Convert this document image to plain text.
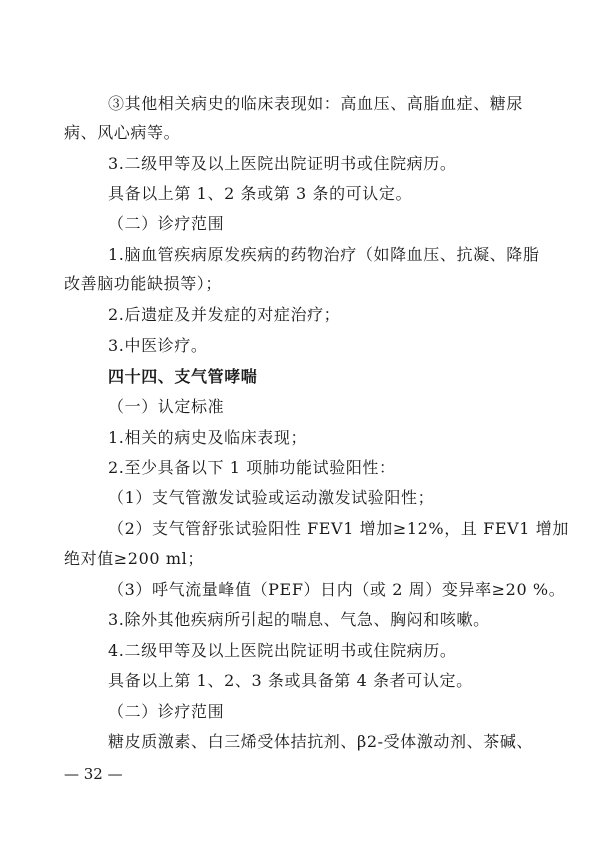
③其他相关病史的临床表现如：高血压、高脂血症、糖尿
病、风心病等。
3.二级甲等及以上医院出院证明书或住院病历。
具备以上第 1、2 条或第 3 条的可认定。
（二）诊疗范围
1.脑血管疾病原发疾病的药物治疗（如降血压、抗凝、降脂
改善脑功能缺损等）；
2.后遗症及并发症的对症治疗；
3.中医诊疗。
四十四、支气管哮喘
（一）认定标准
1.相关的病史及临床表现；
2.至少具备以下 1 项肺功能试验阳性：
（1）支气管激发试验或运动激发试验阳性；
（2）支气管舒张试验阳性 FEV1 增加≥12%，且 FEV1 增加
绝对值≥200 ml；
（3）呼气流量峰值（PEF）日内（或 2 周）变异率≥20 %。
3.除外其他疾病所引起的喘息、气急、胸闷和咳嗽。
4.二级甲等及以上医院出院证明书或住院病历。
具备以上第 1、2、3 条或具备第 4 条者可认定。
（二）诊疗范围
糖皮质激素、白三烯受体拮抗剂、β2-受体激动剂、茶碱、
— 32 —
